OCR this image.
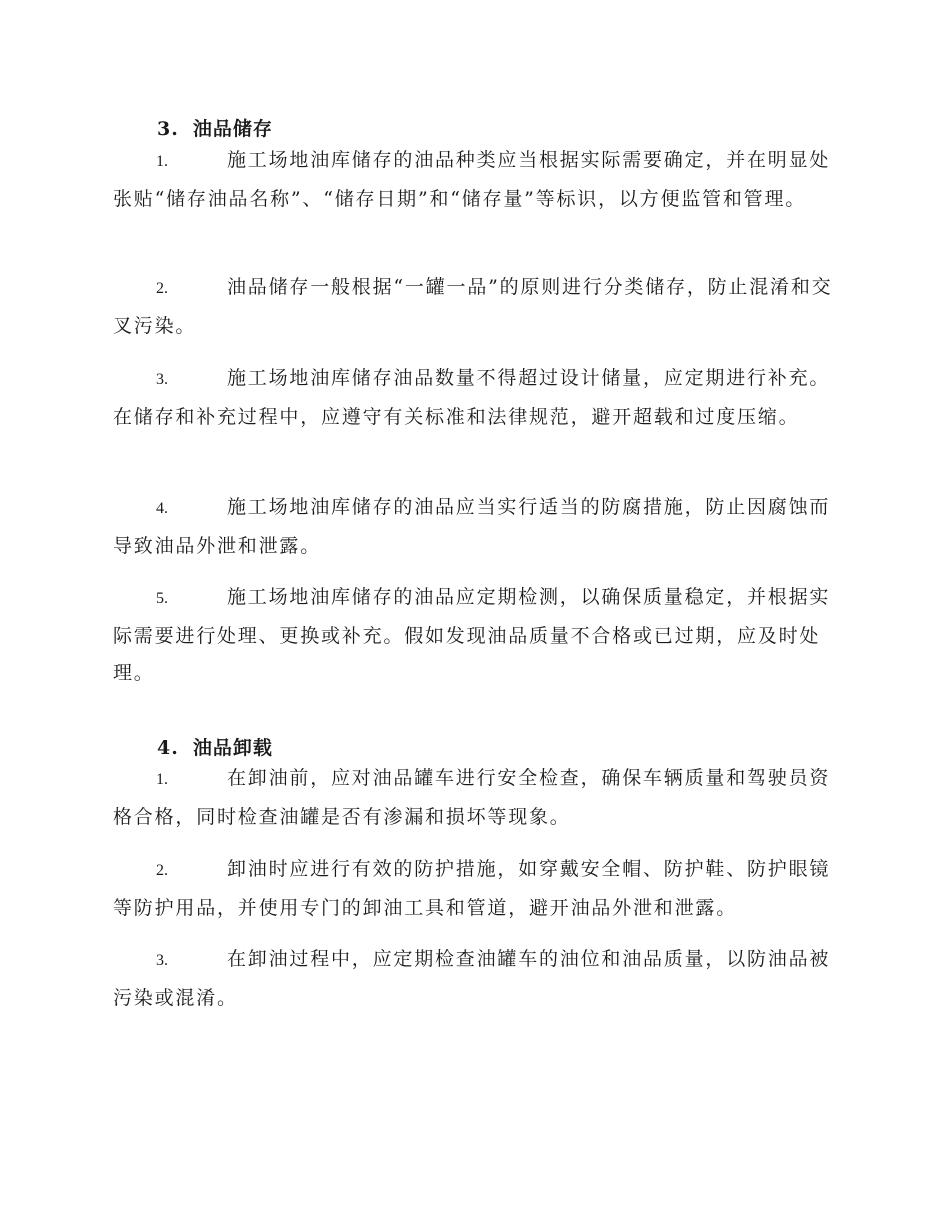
3. 油品储存

1.	施工场地油库储存的油品种类应当根据实际需要确定，并在明显处张贴“储存油品名称”、“储存日期”和“储存量”等标识，以方便监管和管理。

2.	油品储存一般根据“一罐一品”的原则进行分类储存，防止混淆和交叉污染。

3.	施工场地油库储存油品数量不得超过设计储量，应定期进行补充。在储存和补充过程中，应遵守有关标准和法律规范，避开超载和过度压缩。

4.	施工场地油库储存的油品应当实行适当的防腐措施，防止因腐蚀而导致油品外泄和泄露。

5.	施工场地油库储存的油品应定期检测，以确保质量稳定，并根据实际需要进行处理、更换或补充。假如发现油品质量不合格或已过期，应及时处理。

4. 油品卸载

1.	在卸油前，应对油品罐车进行安全检查，确保车辆质量和驾驶员资格合格，同时检查油罐是否有渗漏和损坏等现象。

2.	卸油时应进行有效的防护措施，如穿戴安全帽、防护鞋、防护眼镜等防护用品，并使用专门的卸油工具和管道，避开油品外泄和泄露。

3.	在卸油过程中，应定期检查油罐车的油位和油品质量，以防油品被污染或混淆。
